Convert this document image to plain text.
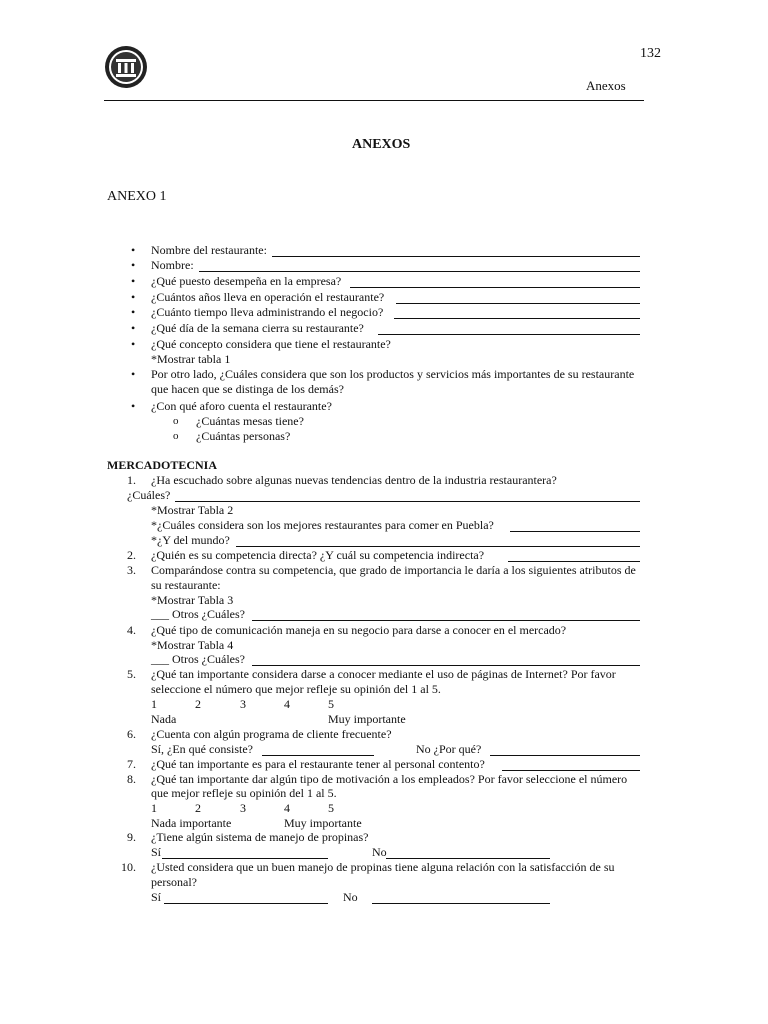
132
Anexos
ANEXOS
ANEXO 1
• Nombre del restaurante:
• Nombre:
• ¿Qué puesto desempeña en la empresa?
• ¿Cuántos años lleva en operación el restaurante?
• ¿Cuánto tiempo lleva administrando el negocio?
• ¿Qué día de la semana cierra su restaurante?
• ¿Qué concepto considera que tiene el restaurante?
*Mostrar tabla 1
• Por otro lado, ¿Cuáles considera que son los productos y servicios más importantes de su restaurante
que hacen que se distinga de los demás?
• ¿Con qué aforo cuenta el restaurante?
o ¿Cuántas mesas tiene?
o ¿Cuántas personas?
MERCADOTECNIA
1. ¿Ha escuchado sobre algunas nuevas tendencias dentro de la industria restaurantera?
¿Cuáles?
*Mostrar Tabla 2
*¿Cuáles considera son los mejores restaurantes para comer en Puebla?
*¿Y del mundo?
2. ¿Quién es su competencia directa? ¿Y cuál su competencia indirecta?
3. Comparándose contra su competencia, que grado de importancia le daría a los siguientes atributos de
su restaurante:
*Mostrar Tabla 3
___ Otros ¿Cuáles?
4. ¿Qué tipo de comunicación maneja en su negocio para darse a conocer en el mercado?
*Mostrar Tabla 4
___ Otros ¿Cuáles?
5. ¿Qué tan importante considera darse a conocer mediante el uso de páginas de Internet? Por favor
seleccione el número que mejor refleje su opinión del 1 al 5.
1	2	3	4	5
Nada	Muy importante
6. ¿Cuenta con algún programa de cliente frecuente?
Sí, ¿En qué consiste?	No ¿Por qué?
7. ¿Qué tan importante es para el restaurante tener al personal contento?
8. ¿Qué tan importante dar algún tipo de motivación a los empleados? Por favor seleccione el número
que mejor refleje su opinión del 1 al 5.
1	2	3	4	5
Nada importante	Muy importante
9. ¿Tiene algún sistema de manejo de propinas?
Sí	No
10. ¿Usted considera que un buen manejo de propinas tiene alguna relación con la satisfacción de su
personal?
Sí	No
